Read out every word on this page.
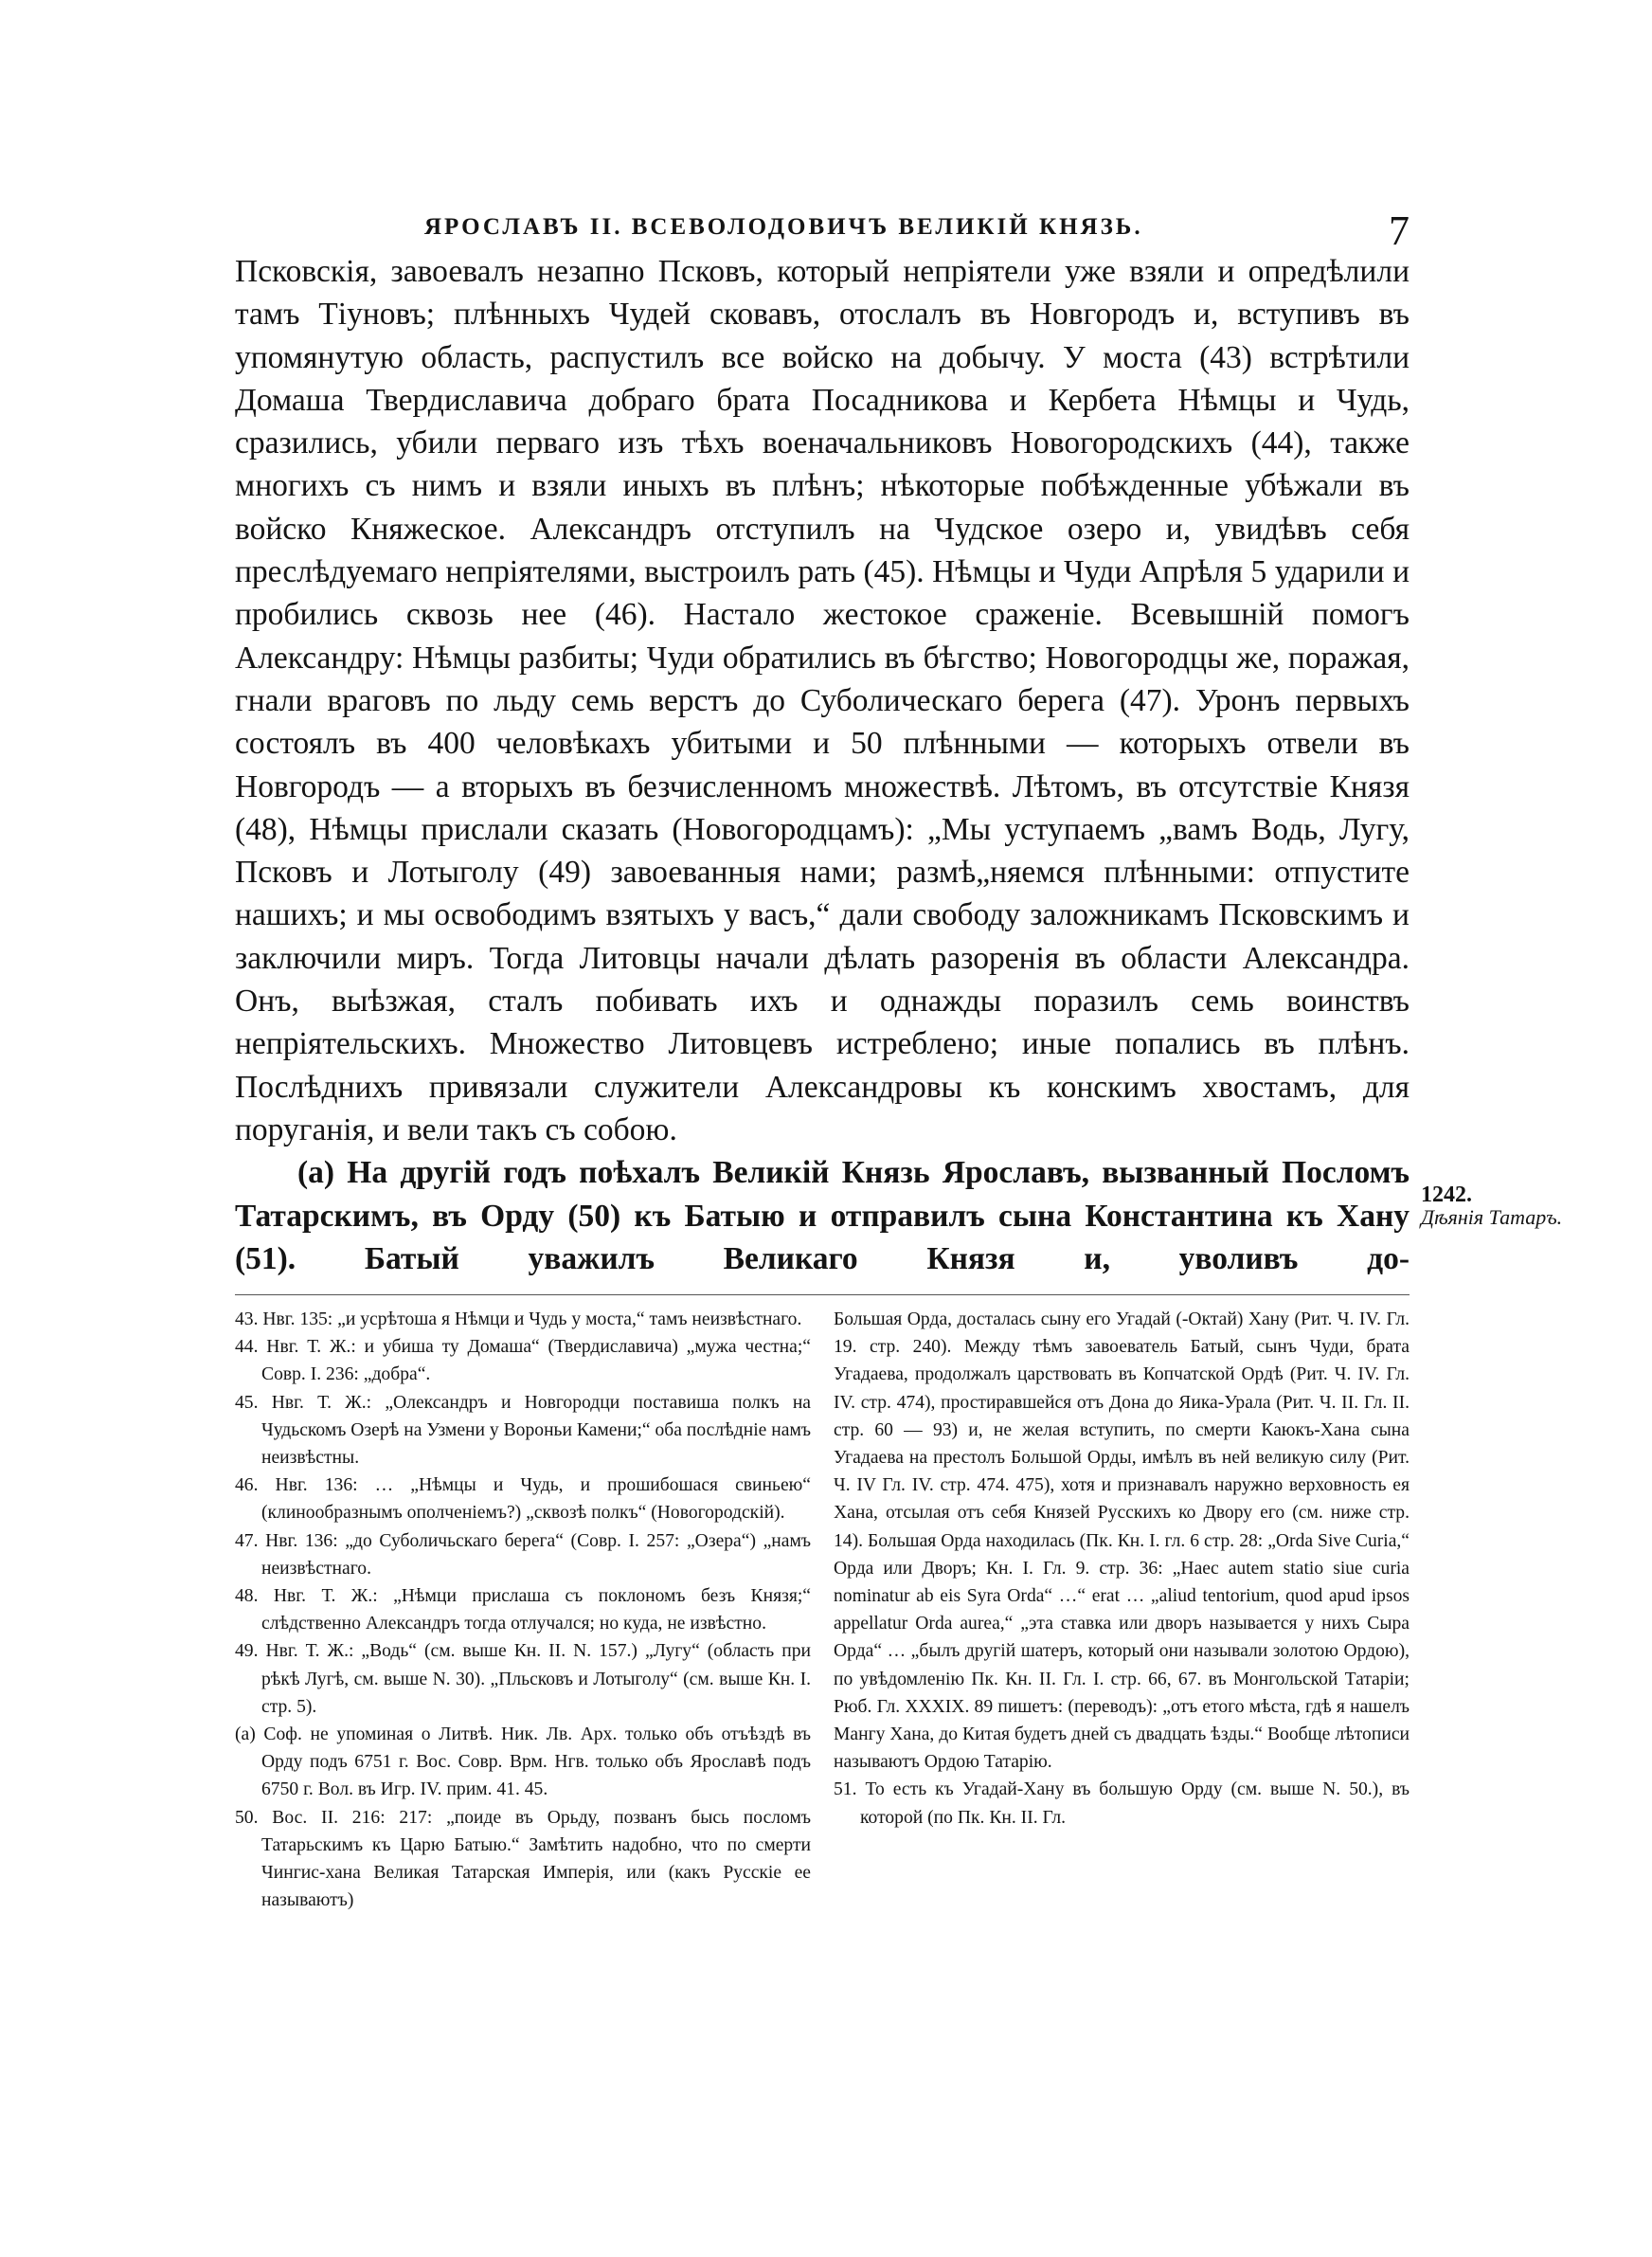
ЯРОСЛАВЪ II. ВСЕВОЛОДОВИЧЪ ВЕЛИКІЙ КНЯЗЬ.	7

Псковскія, завоевалъ незапно Псковъ, который непріятели уже взяли и опредѣлили тамъ Тіуновъ; плѣнныхъ Чудей сковавъ, отослалъ въ Новгородъ и, вступивъ въ упомянутую область, распустилъ все войско на добычу. У моста (43) встрѣтили Домаша Твердиславича добраго брата Посадникова и Кербета Нѣмцы и Чудь, сразились, убили перваго изъ тѣхъ военачальниковъ Новогородскихъ (44), также многихъ съ нимъ и взяли иныхъ въ плѣнъ; нѣкоторые побѣжденные убѣжали въ войско Княжеское. Александръ отступилъ на Чудское озеро и, увидѣвъ себя преслѣдуемаго непріятелями, выстроилъ рать (45). Нѣмцы и Чуди Апрѣля 5 ударили и пробились сквозь нее (46). Настало жестокое сраженіе. Всевышній помогъ Александру: Нѣмцы разбиты; Чуди обратились въ бѣгство; Новогородцы же, поражая, гнали враговъ по льду семь верстъ до Суболическаго берега (47). Уронъ первыхъ состоялъ въ 400 человѣкахъ убитыми и 50 плѣнными — которыхъ отвели въ Новгородъ — а вторыхъ въ безчисленномъ множествѣ. Лѣтомъ, въ отсутствіе Князя (48), Нѣмцы прислали сказать (Новогородцамъ): „Мы уступаемъ „вамъ Водь, Лугу, Псковъ и Лотыголу (49) завоеванныя нами; размѣ„няемся плѣнными: отпустите нашихъ; и мы освободимъ взятыхъ у васъ,“ дали свободу заложникамъ Псковскимъ и заключили миръ. Тогда Литовцы начали дѣлать разоренія въ области Александра. Онъ, выѣзжая, сталъ побивать ихъ и однажды поразилъ семь воинствъ непріятельскихъ. Множество Литовцевъ истреблено; иные попались въ плѣнъ. Послѣднихъ привязали служители Александровы къ конскимъ хвостамъ, для поруганія, и вели такъ съ собою.

(а) На другій годъ поѣхалъ Великій Князь Ярославъ, вызванный Посломъ Татарскимъ, въ Орду (50) къ Батыю и отправилъ сына Константина къ Хану (51). Батый уважилъ Великаго Князя и, уволивъ до-

1242.
Дѣянія Татаръ.

43. Нвг. 135: „и усрѣтоша я Нѣмци и Чудь у моста,“ тамъ неизвѣстнаго.

44. Нвг. Т. Ж.: и убиша ту Домаша“ (Твердиславича) „мужа честна;“ Совр. I. 236: „добра“.

45. Нвг. Т. Ж.: „Олександръ и Новгородци поставиша полкъ на Чудьскомъ Озерѣ на Узмени у Вороньи Камени;“ оба послѣдніе намъ неизвѣстны.

46. Нвг. 136: … „Нѣмцы и Чудь, и прошибошася свиньею“ (клинообразнымъ ополченіемъ?) „сквозѣ полкъ“ (Новогородскій).

47. Нвг. 136: „до Суболичьскаго берега“ (Совр. I. 257: „Озера“) „намъ неизвѣстнаго.

48. Нвг. Т. Ж.: „Нѣмци прислаша съ поклономъ безъ Князя;“ слѣдственно Александръ тогда отлучался; но куда, не извѣстно.

49. Нвг. Т. Ж.: „Водь“ (см. выше Кн. II. N. 157.) „Лугу“ (область при рѣкѣ Лугѣ, см. выше N. 30). „Пльсковъ и Лотыголу“ (см. выше Кн. I. стр. 5).

(а) Соф. не упоминая о Литвѣ. Ник. Лв. Арх. только объ отъѣздѣ въ Орду подъ 6751 г. Вос. Совр. Врм. Нгв. только объ Ярославѣ подъ 6750 г. Вол. въ Игр. IV. прим. 41. 45.

50. Вос. II. 216: 217: „поиде въ Орьду, позванъ бысь посломъ Татарьскимъ къ Царю Батыю.“ Замѣтить надобно, что по смерти Чингис-хана Великая Татарская Имперія, или (какъ Русскіе ее называютъ)

Большая Орда, досталась сыну его Угадай (-Октай) Хану (Рит. Ч. IV. Гл. 19. стр. 240). Между тѣмъ завоеватель Батый, сынъ Чуди, брата Угадаева, продолжалъ царствовать въ Копчатской Ордѣ (Рит. Ч. IV. Гл. IV. стр. 474), простиравшейся отъ Дона до Яика-Урала (Рит. Ч. II. Гл. II. стр. 60 — 93) и, не желая вступить, по смерти Каюкъ-Хана сына Угадаева на престолъ Большой Орды, имѣлъ въ ней великую силу (Рит. Ч. IV Гл. IV. стр. 474. 475), хотя и признавалъ наружно верховность ея Хана, отсылая отъ себя Князей Русскихъ ко Двору его (см. ниже стр. 14). Большая Орда находилась (Пк. Кн. I. гл. 6 стр. 28: „Orda Sive Curia,“ Орда или Дворъ; Кн. I. Гл. 9. стр. 36: „Haec autem statio siue curia nominatur ab eis Syra Orda“ …“ erat … „aliud tentorium, quod apud ipsos appellatur Orda aurea,“ „эта ставка или дворъ называется у нихъ Сыра Орда“ … „былъ другій шатеръ, который они называли золотою Ордою), по увѣдомленію Пк. Кн. II. Гл. I. стр. 66, 67. въ Монгольской Татаріи; Рюб. Гл. XXXIX. 89 пишетъ: (переводъ): „отъ етого мѣста, гдѣ я нашелъ Мангу Хана, до Китая будетъ дней съ двадцать ѣзды.“ Вообще лѣтописи называютъ Ордою Татарію.

51. То есть къ Угадай-Хану въ большую Орду (см. выше N. 50.), въ которой (по Пк. Кн. II. Гл.
